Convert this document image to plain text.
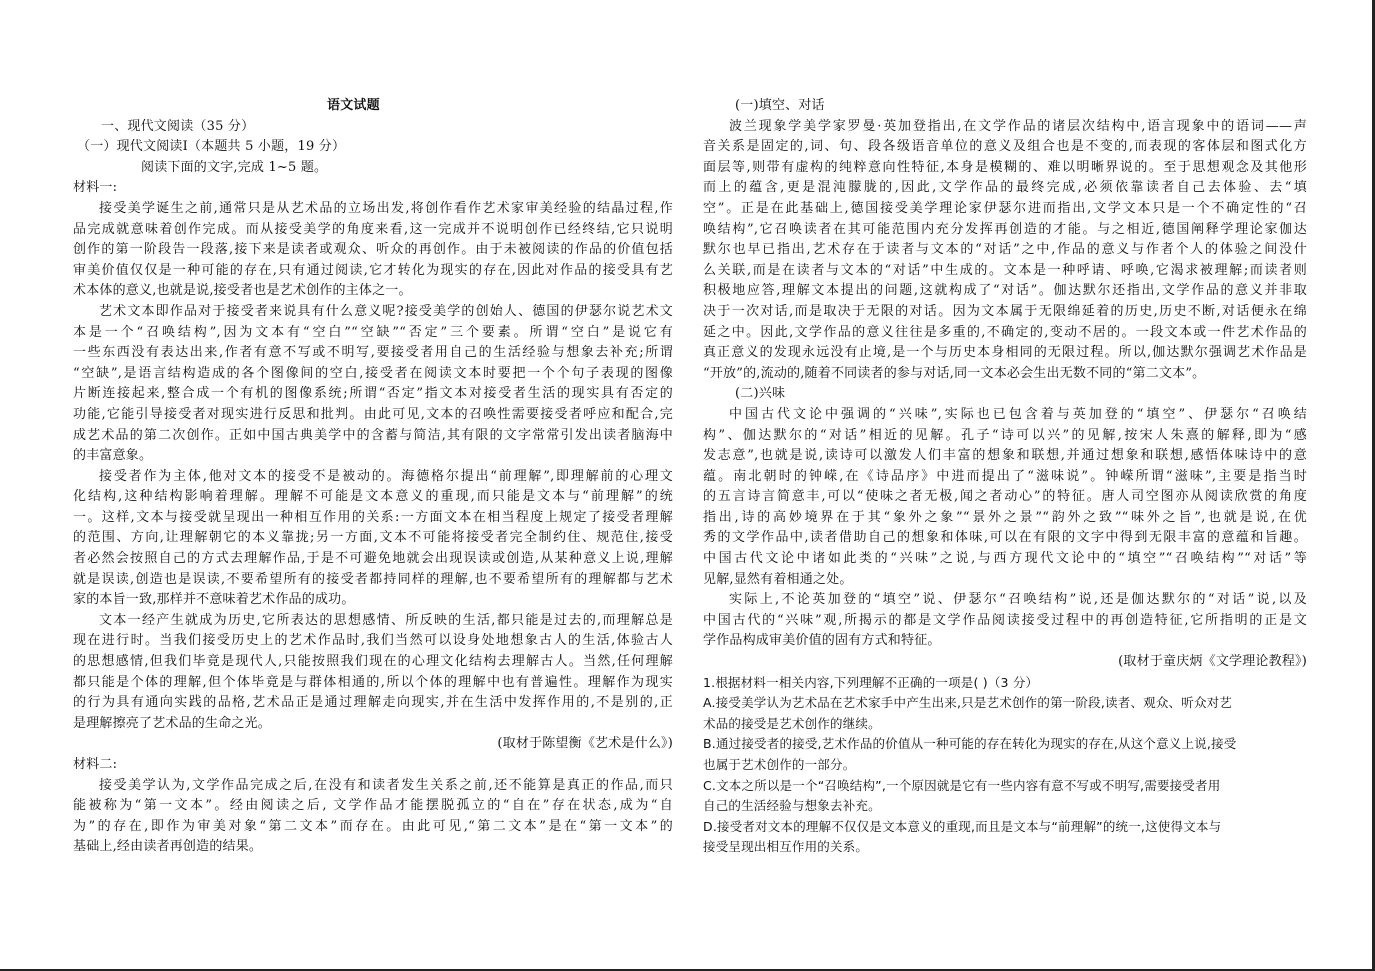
语文试题
一、现代文阅读（35 分）
（一）现代文阅读Ⅰ（本题共 5 小题，19 分）
阅读下面的文字,完成 1~5 题。
材料一:
接受美学诞生之前,通常只是从艺术品的立场出发,将创作看作艺术家审美经验的结晶过程,作
品完成就意味着创作完成。而从接受美学的角度来看,这一完成并不说明创作已经终结,它只说明
创作的第一阶段告一段落,接下来是读者或观众、听众的再创作。由于未被阅读的作品的价值包括
审美价值仅仅是一种可能的存在,只有通过阅读,它才转化为现实的存在,因此对作品的接受具有艺
术本体的意义,也就是说,接受者也是艺术创作的主体之一。
艺术文本即作品对于接受者来说具有什么意义呢?接受美学的创始人、德国的伊瑟尔说艺术文
本是一个“召唤结构”,因为文本有“空白”“空缺”“否定”三个要素。所谓“空白”是说它有
一些东西没有表达出来,作者有意不写或不明写,要接受者用自己的生活经验与想象去补充;所谓
“空缺”,是语言结构造成的各个图像间的空白,接受者在阅读文本时要把一个个句子表现的图像
片断连接起来,整合成一个有机的图像系统;所谓“否定”指文本对接受者生活的现实具有否定的
功能,它能引导接受者对现实进行反思和批判。由此可见,文本的召唤性需要接受者呼应和配合,完
成艺术品的第二次创作。正如中国古典美学中的含蓄与简洁,其有限的文字常常引发出读者脑海中
的丰富意象。
接受者作为主体,他对文本的接受不是被动的。海德格尔提出“前理解”,即理解前的心理文
化结构,这种结构影响着理解。理解不可能是文本意义的重现,而只能是文本与“前理解”的统
一。这样,文本与接受就呈现出一种相互作用的关系:一方面文本在相当程度上规定了接受者理解
的范围、方向,让理解朝它的本义靠拢;另一方面,文本不可能将接受者完全制约住、规范住,接受
者必然会按照自己的方式去理解作品,于是不可避免地就会出现误读或创造,从某种意义上说,理解
就是误读,创造也是误读,不要希望所有的接受者都持同样的理解,也不要希望所有的理解都与艺术
家的本旨一致,那样并不意味着艺术作品的成功。
文本一经产生就成为历史,它所表达的思想感情、所反映的生活,都只能是过去的,而理解总是
现在进行时。当我们接受历史上的艺术作品时,我们当然可以设身处地想象古人的生活,体验古人
的思想感情,但我们毕竟是现代人,只能按照我们现在的心理文化结构去理解古人。当然,任何理解
都只能是个体的理解,但个体毕竟是与群体相通的,所以个体的理解中也有普遍性。理解作为现实
的行为具有通向实践的品格,艺术品正是通过理解走向现实,并在生活中发挥作用的,不是别的,正
是理解擦亮了艺术品的生命之光。
(取材于陈望衡《艺术是什么》)
材料二:
接受美学认为,文学作品完成之后,在没有和读者发生关系之前,还不能算是真正的作品,而只
能被称为“第一文本”。经由阅读之后, 文学作品才能摆脱孤立的“自在”存在状态,成为“自
为”的存在,即作为审美对象“第二文本”而存在。由此可见,“第二文本”是在“第一文本”的
基础上,经由读者再创造的结果。
(一)填空、对话
波兰现象学美学家罗曼·英加登指出,在文学作品的诸层次结构中,语言现象中的语词——声
音关系是固定的,词、句、段各级语音单位的意义及组合也是不变的,而表现的客体层和图式化方
面层等,则带有虚构的纯粹意向性特征,本身是模糊的、难以明晰界说的。至于思想观念及其他形
而上的蕴含,更是混沌朦胧的,因此,文学作品的最终完成,必须依靠读者自己去体验、去“填
空”。正是在此基础上,德国接受美学理论家伊瑟尔进而指出,文学文本只是一个不确定性的“召
唤结构”,它召唤读者在其可能范围内充分发挥再创造的才能。与之相近,德国阐释学理论家伽达
默尔也早已指出,艺术存在于读者与文本的“对话”之中,作品的意义与作者个人的体验之间没什
么关联,而是在读者与文本的“对话”中生成的。文本是一种呼请、呼唤,它渴求被理解;而读者则
积极地应答,理解文本提出的问题,这就构成了“对话”。伽达默尔还指出,文学作品的意义并非取
决于一次对话,而是取决于无限的对话。因为文本属于无限绵延着的历史,历史不断,对话便永在绵
延之中。因此,文学作品的意义往往是多重的,不确定的,变动不居的。一段文本或一件艺术作品的
真正意义的发现永远没有止境,是一个与历史本身相同的无限过程。所以,伽达默尔强调艺术作品是
“开放”的,流动的,随着不同读者的参与对话,同一文本必会生出无数不同的“第二文本”。
(二)兴味
中国古代文论中强调的“兴味”,实际也已包含着与英加登的“填空”、伊瑟尔“召唤结
构”、伽达默尔的“对话”相近的见解。孔子“诗可以兴”的见解,按宋人朱熹的解释,即为“感
发志意”,也就是说,读诗可以激发人们丰富的想象和联想,并通过想象和联想,感悟体味诗中的意
蕴。南北朝时的钟嵘,在《诗品序》中进而提出了“滋味说”。钟嵘所谓“滋味”,主要是指当时
的五言诗言简意丰,可以“使味之者无极,闻之者动心”的特征。唐人司空图亦从阅读欣赏的角度
指出,诗的高妙境界在于其“象外之象”“景外之景”“韵外之致”“味外之旨”,也就是说,在优
秀的文学作品中,读者借助自己的想象和体味,可以在有限的文字中得到无限丰富的意蕴和旨趣。
中国古代文论中诸如此类的“兴味”之说,与西方现代文论中的“填空”“召唤结构”“对话”等
见解,显然有着相通之处。
实际上,不论英加登的“填空”说、伊瑟尔“召唤结构”说,还是伽达默尔的“对话”说,以及
中国古代的“兴味”观,所揭示的都是文学作品阅读接受过程中的再创造特征,它所指明的正是文
学作品构成审美价值的固有方式和特征。
(取材于童庆炳《文学理论教程》)
1.根据材料一相关内容,下列理解不正确的一项是( )（3 分）
A.接受美学认为艺术品在艺术家手中产生出来,只是艺术创作的第一阶段,读者、观众、听众对艺
术品的接受是艺术创作的继续。
B.通过接受者的接受,艺术作品的价值从一种可能的存在转化为现实的存在,从这个意义上说,接受
也属于艺术创作的一部分。
C.文本之所以是一个“召唤结构”,一个原因就是它有一些内容有意不写或不明写,需要接受者用
自己的生活经验与想象去补充。
D.接受者对文本的理解不仅仅是文本意义的重现,而且是文本与“前理解”的统一,这使得文本与
接受呈现出相互作用的关系。
